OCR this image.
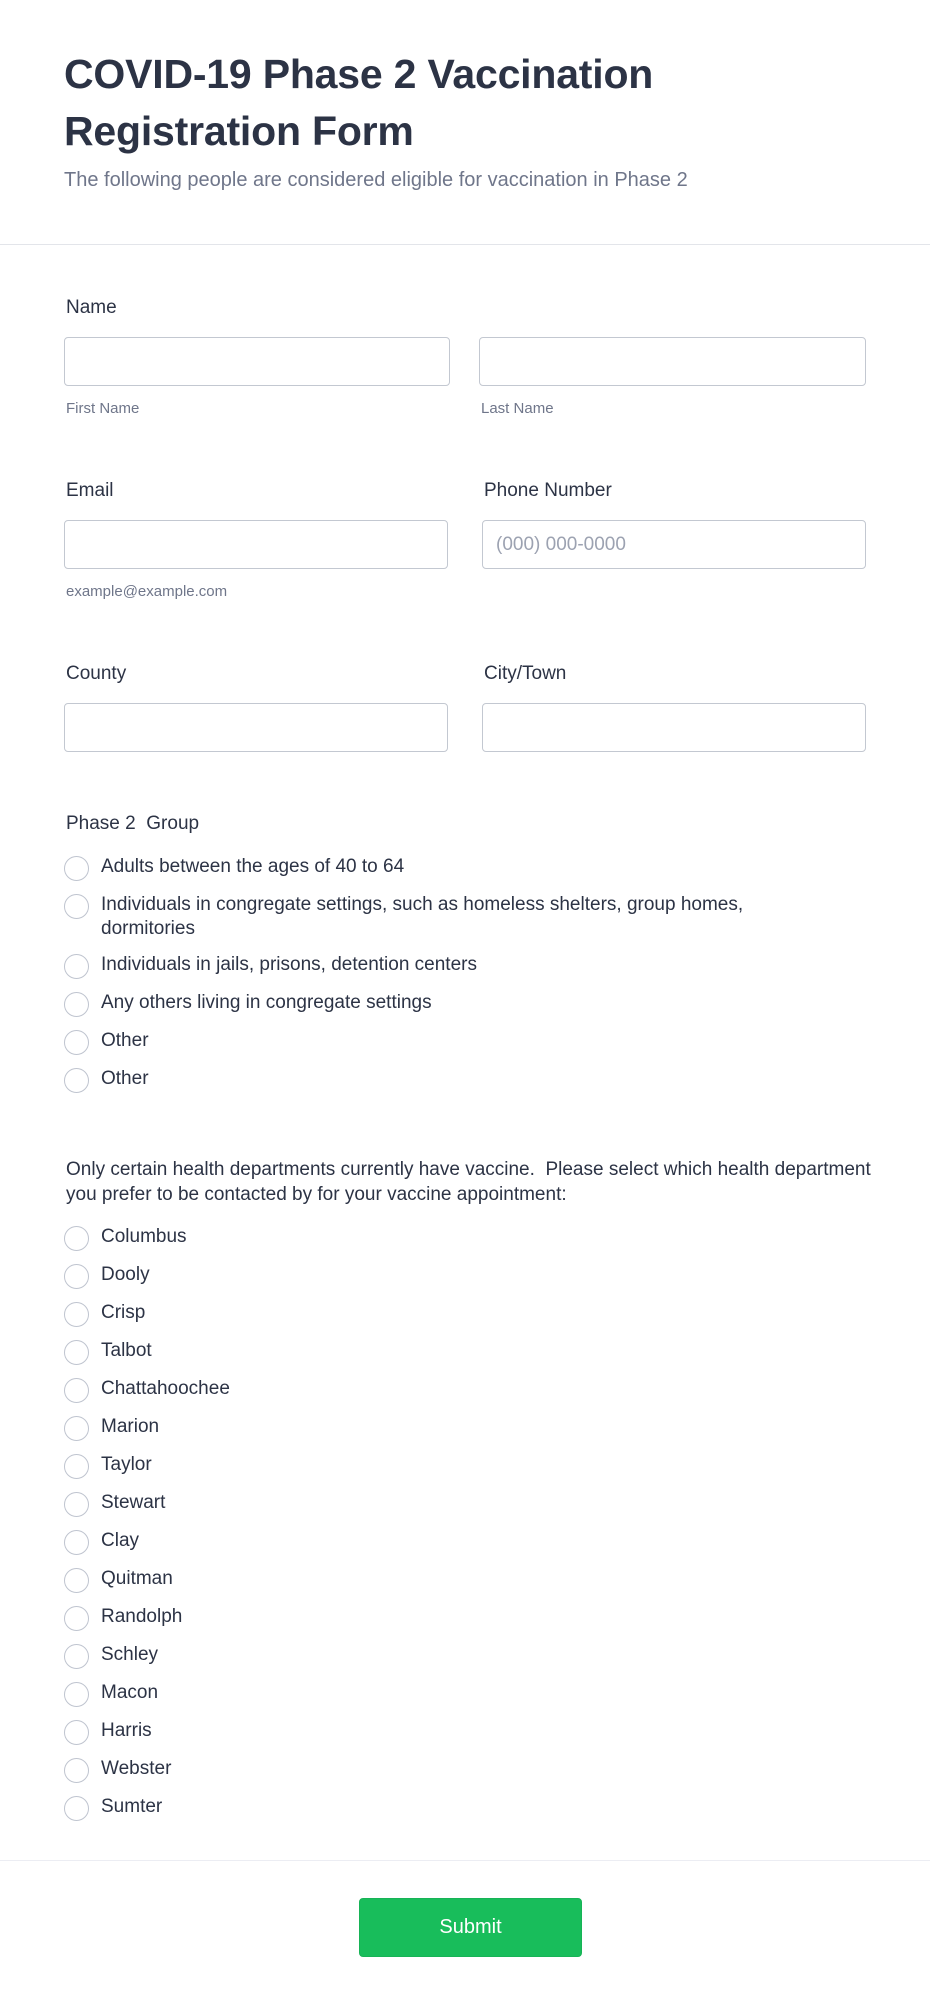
COVID-19 Phase 2 Vaccination Registration Form

The following people are considered eligible for vaccination in Phase 2

Name
First Name	Last Name
Email
example@example.com
Phone Number
(000) 000-0000
County	City/Town
Phase 2  Group
Adults between the ages of 40 to 64
Individuals in congregate settings, such as homeless shelters, group homes, dormitories
Individuals in jails, prisons, detention centers
Any others living in congregate settings
Other
Other
Only certain health departments currently have vaccine.  Please select which health department you prefer to be contacted by for your vaccine appointment:
Columbus
Dooly
Crisp
Talbot
Chattahoochee
Marion
Taylor
Stewart
Clay
Quitman
Randolph
Schley
Macon
Harris
Webster
Sumter
Submit
